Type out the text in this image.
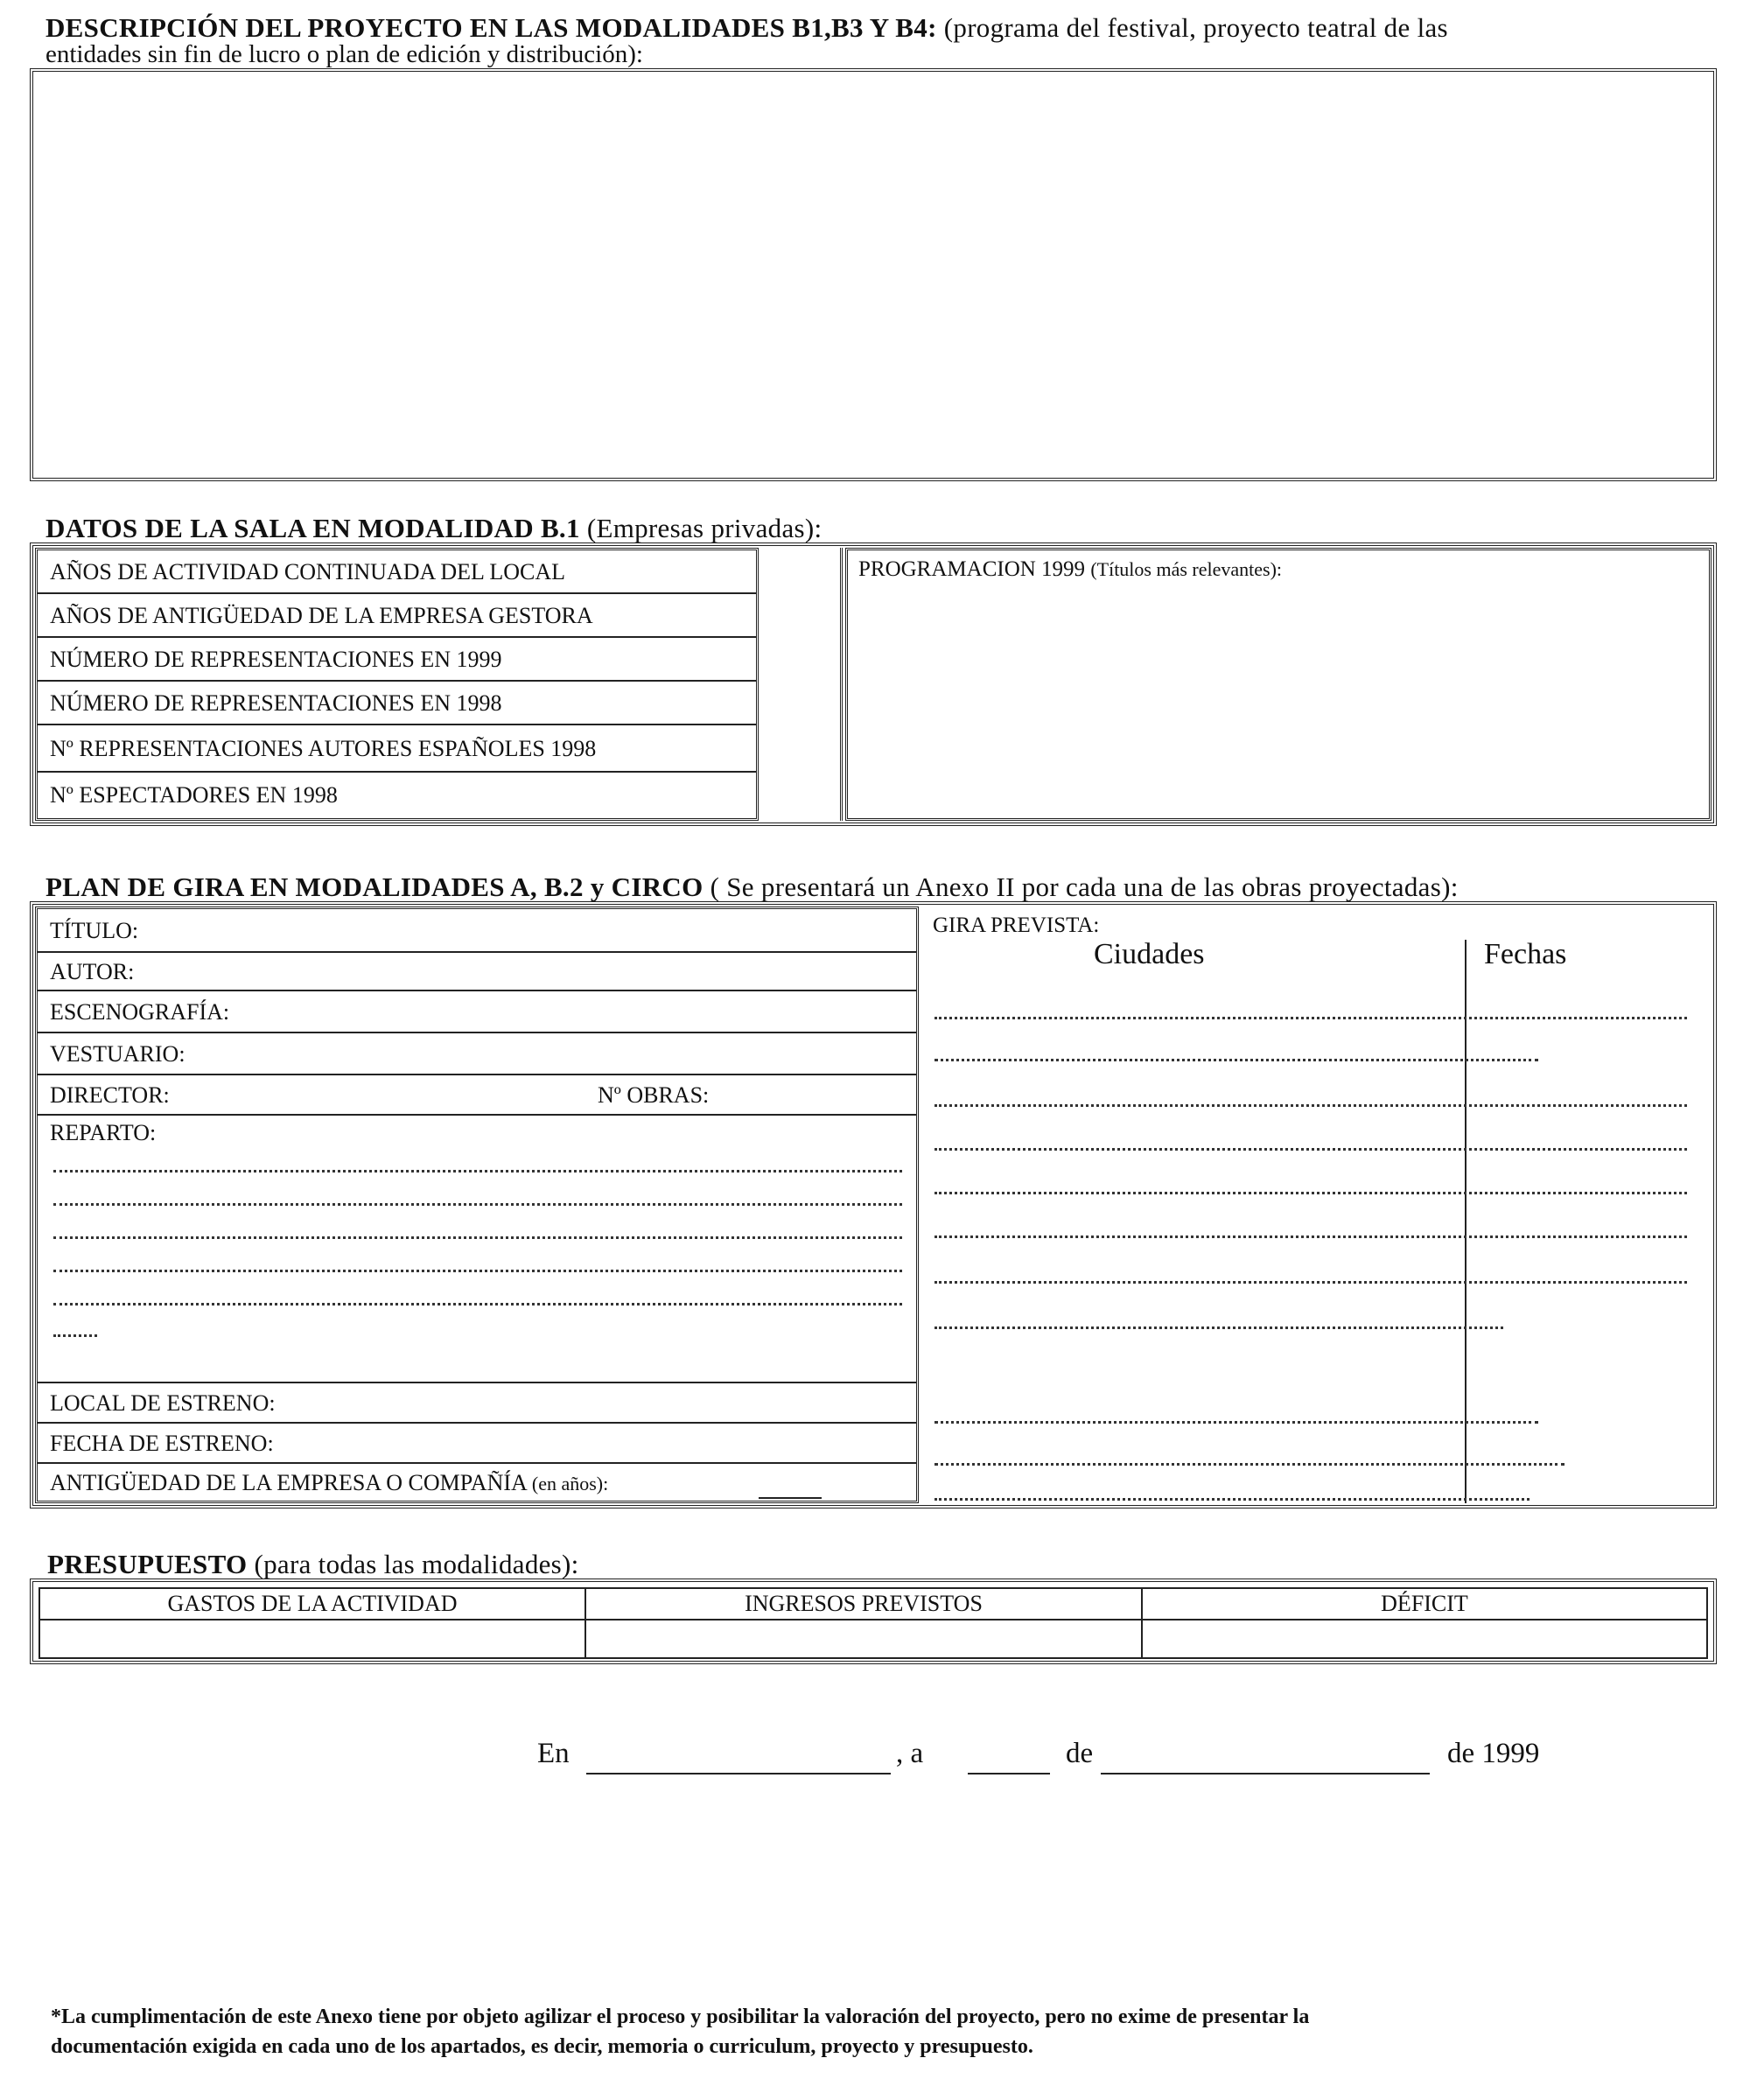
DESCRIPCIÓN DEL PROYECTO EN LAS MODALIDADES B1,B3 Y B4: (programa del festival, proyecto teatral de las
entidades sin fin de lucro o plan de edición y distribución):
DATOS DE LA SALA EN MODALIDAD B.1 (Empresas privadas):
AÑOS DE ACTIVIDAD CONTINUADA DEL LOCAL
AÑOS DE ANTIGÜEDAD DE LA EMPRESA GESTORA
NÚMERO DE REPRESENTACIONES EN 1999
NÚMERO DE REPRESENTACIONES EN 1998
Nº REPRESENTACIONES AUTORES ESPAÑOLES 1998
Nº ESPECTADORES EN 1998
PROGRAMACION 1999 (Títulos más relevantes):
PLAN DE GIRA EN MODALIDADES A, B.2 y CIRCO ( Se presentará un Anexo II por cada una de las obras proyectadas):
TÍTULO:
AUTOR:
ESCENOGRAFÍA:
VESTUARIO:
DIRECTOR:	Nº OBRAS:
REPARTO:
LOCAL DE ESTRENO:
FECHA DE ESTRENO:
ANTIGÜEDAD DE LA EMPRESA O COMPAÑÍA (en años):
GIRA PREVISTA:
Ciudades	Fechas
PRESUPUESTO (para todas las modalidades):
GASTOS DE LA ACTIVIDAD	INGRESOS PREVISTOS	DÉFICIT
En	, a	de	de 1999
*La cumplimentación de este Anexo tiene por objeto agilizar el proceso y posibilitar la valoración del proyecto, pero no exime de presentar la
documentación exigida en cada uno de los apartados, es decir, memoria o curriculum, proyecto y presupuesto.
